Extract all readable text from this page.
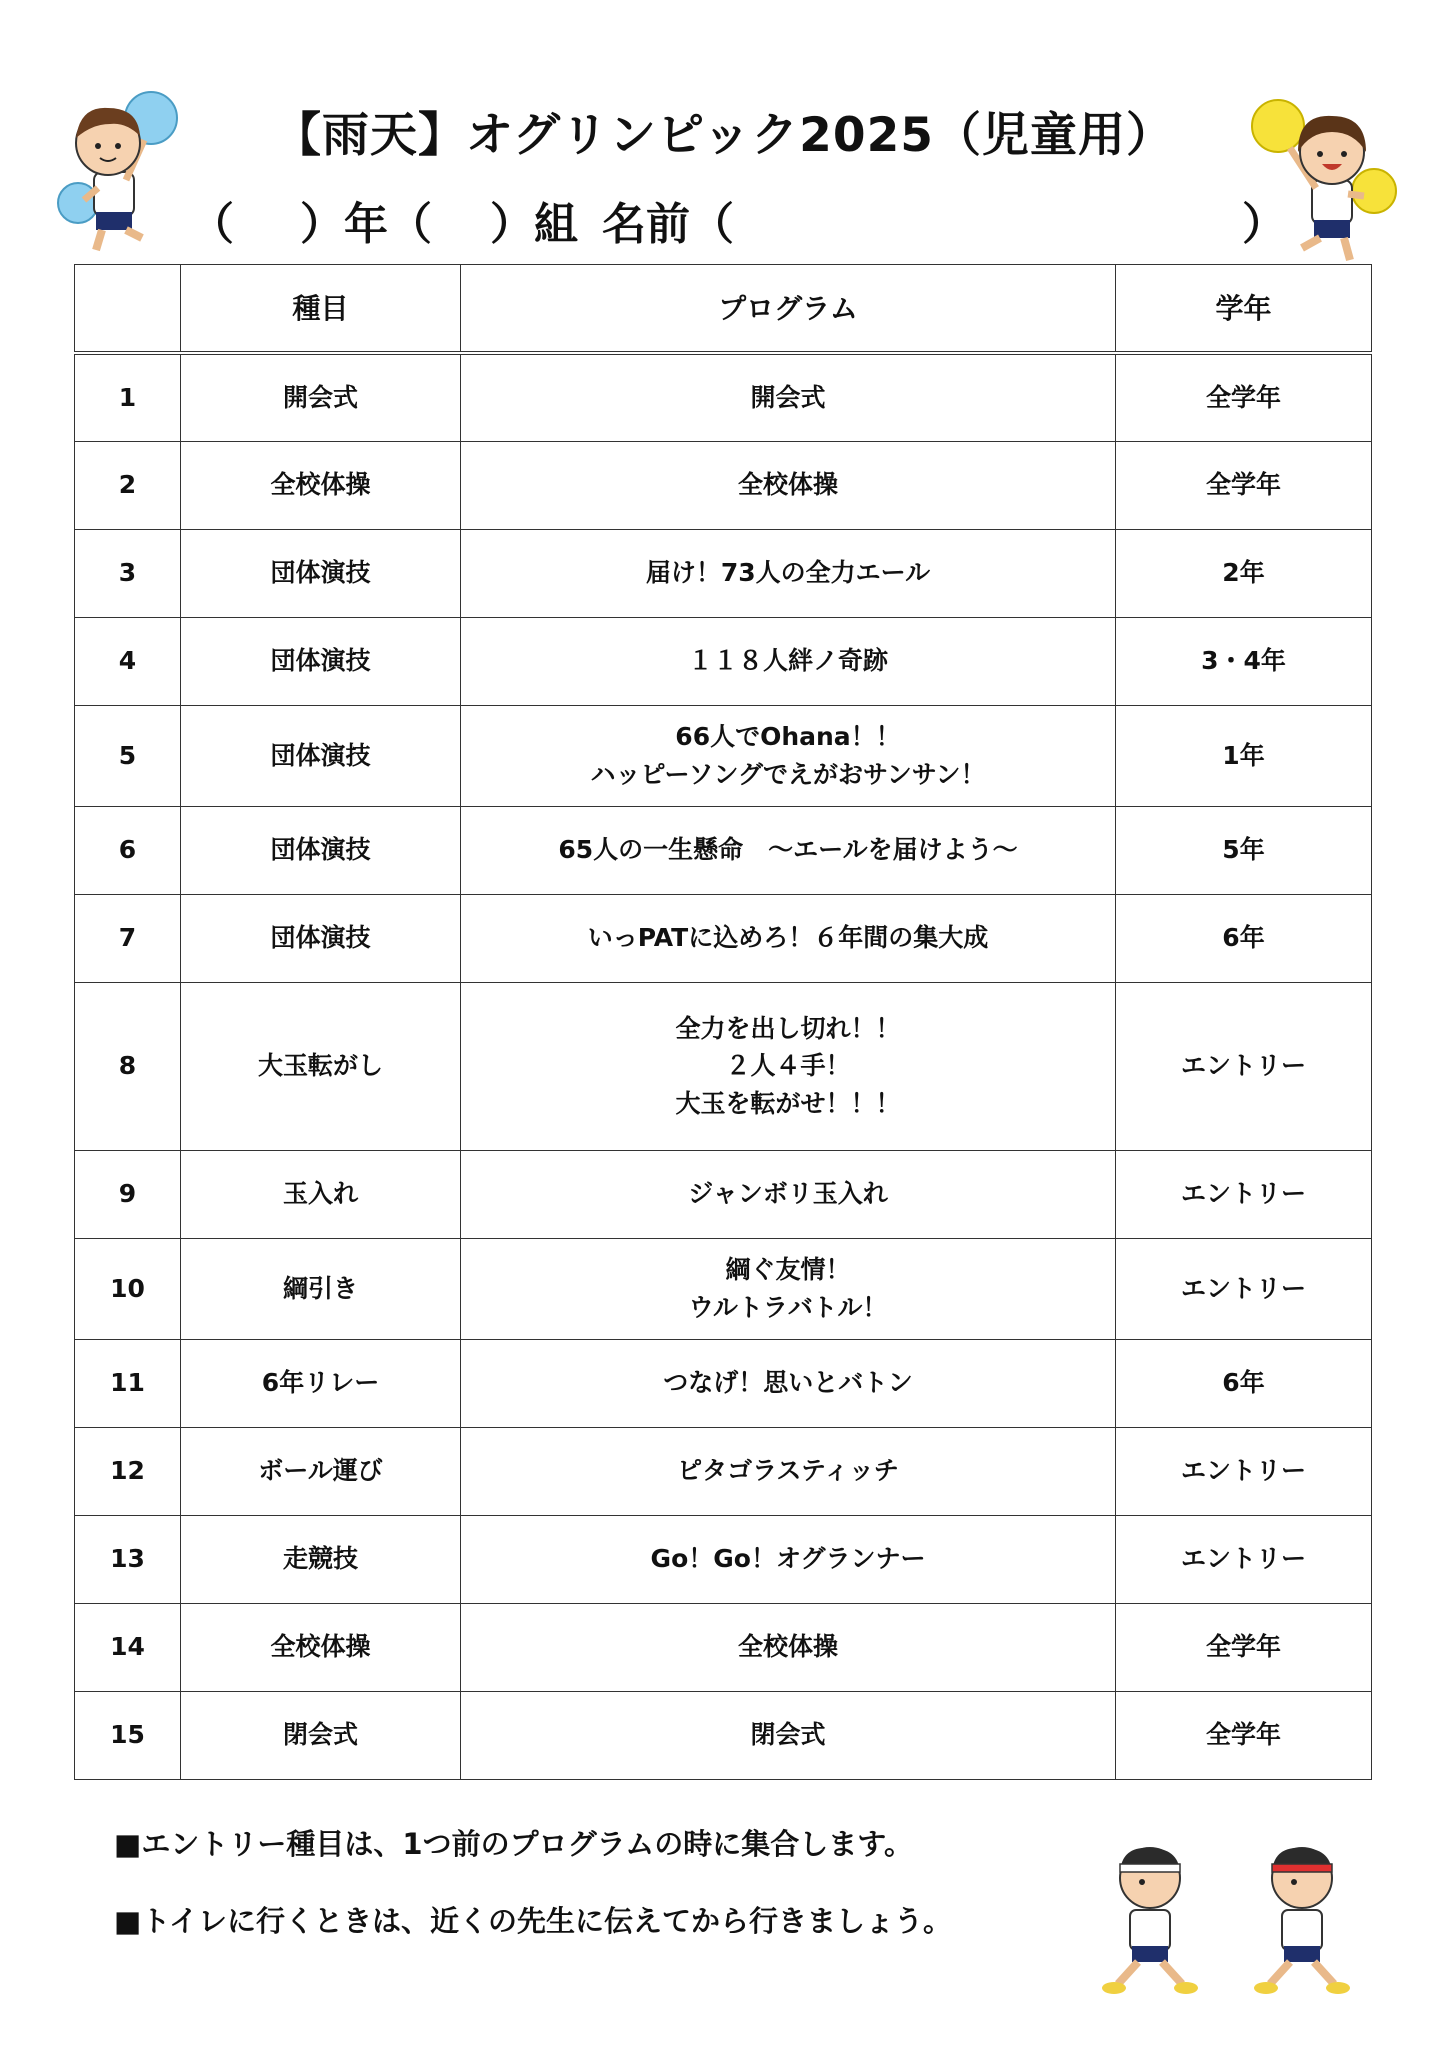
【雨天】オグリンピック2025（児童用）
（ ）年（ ）組 名前（	）
	種目	プログラム	学年
1	開会式	開会式	全学年
2	全校体操	全校体操	全学年
3	団体演技	届け！73人の全力エール	2年
4	団体演技	１１８人絆ノ奇跡	3・4年
5	団体演技	66人でOhana！！
ハッピーソングでえがおサンサン！	1年
6	団体演技	65人の一生懸命　～エールを届けよう～	5年
7	団体演技	いっPATに込めろ！６年間の集大成	6年
8	大玉転がし	全力を出し切れ！！
２人４手！
大玉を転がせ！！！	エントリー
9	玉入れ	ジャンボリ玉入れ	エントリー
10	綱引き	綱ぐ友情！
ウルトラバトル！	エントリー
11	6年リレー	つなげ！思いとバトン	6年
12	ボール運び	ピタゴラスティッチ	エントリー
13	走競技	Go！Go！オグランナー	エントリー
14	全校体操	全校体操	全学年
15	閉会式	閉会式	全学年

■エントリー種目は、1つ前のプログラムの時に集合します。

■トイレに行くときは、近くの先生に伝えてから行きましょう。
